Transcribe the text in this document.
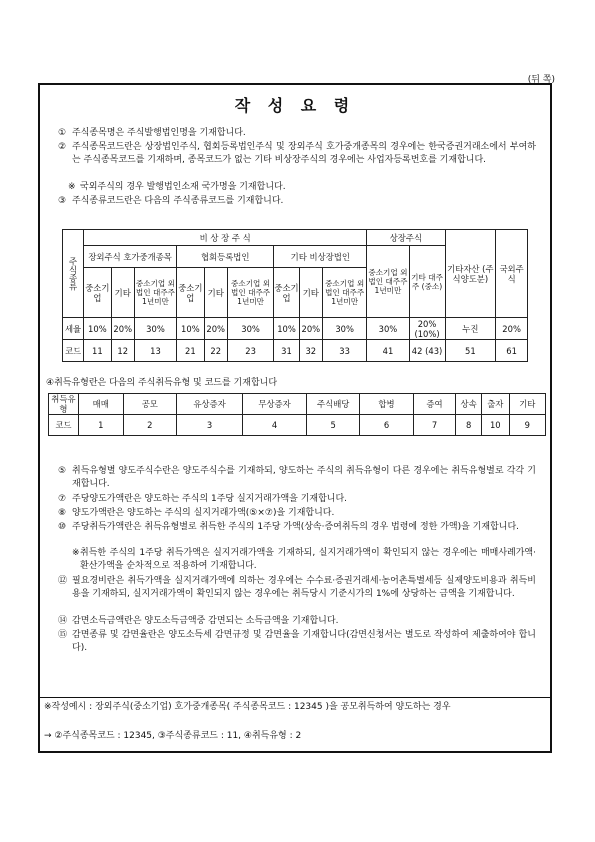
(뒤 쪽)
작 성 요 령
① 주식종목명은 주식발행법인명을 기재합니다.
② 주식종목코드란은 상장법인주식, 협회등록법인주식 및 장외주식 호가중개종목의 경우에는 한국증권거래소에서 부여하는 주식종목코드를 기재하며, 종목코드가 없는 기타 비상장주식의 경우에는 사업자등록번호를 기재합니다.
※ 국외주식의 경우 발행법인소재 국가명을 기재합니다.
③ 주식종류코드란은 다음의 주식종류코드를 기재합니다.
주식종류	비 상 장 주 식									상장주식		기타자산 (주식양도분)	국외주식
	장외주식 호가중개종목			협회등록법인			기타 비상장법인			중소기업 외 법인 대주주 1년미만	기타 대주주 (중소)		
	중소기업	기타	중소기업 외 법인 대주주 1년미만	중소기업	기타	중소기업 외 법인 대주주 1년미만	중소기업	기타	중소기업 외 법인 대주주 1년미만				
세율	10%	20%	30%	10%	20%	30%	10%	20%	30%	30%	20% (10%)	누진	20%
코드	11	12	13	21	22	23	31	32	33	41	42 (43)	51	61
④취득유형란은 다음의 주식취득유형 및 코드를 기재합니다
취득유형	매매	공모	유상증자	무상증자	주식배당	합병	증여	상속	출자	기타
코드	1	2	3	4	5	6	7	8	10	9
⑤ 취득유형별 양도주식수란은 양도주식수를 기재하되, 양도하는 주식의 취득유형이 다른 경우에는 취득유형별로 각각 기재합니다.
⑦ 주당양도가액란은 양도하는 주식의 1주당 실지거래가액을 기재합니다.
⑧ 양도가액란은 양도하는 주식의 실지거래가액(⑤×⑦)을 기재합니다.
⑩ 주당취득가액란은 취득유형별로 취득한 주식의 1주당 가액(상속·증여취득의 경우 법령에 정한 가액)을 기재합니다.
※ 취득한 주식의 1주당 취득가액은 실지거래가액을 기재하되, 실지거래가액이 확인되지 않는 경우에는 매매사례가액·환산가액을 순차적으로 적용하여 기재합니다.
⑫ 필요경비란은 취득가액을 실지거래가액에 의하는 경우에는 수수료·증권거래세·농어촌특별세등 실제양도비용과 취득비용을 기재하되, 실지거래가액이 확인되지 않는 경우에는 취득당시 기준시가의 1%에 상당하는 금액을 기재합니다.
⑭ 감면소득금액란은 양도소득금액중 감면되는 소득금액을 기재합니다.
⑮ 감면종류 및 감면율란은 양도소득세 감면규정 및 감면율을 기재합니다(감면신청서는 별도로 작성하여 제출하여야 합니다).
※작성예시 : 장외주식(중소기업) 호가중개종목( 주식종목코드 : 12345 )을 공모취득하여 양도하는 경우
→ ②주식종목코드 : 12345, ③주식종류코드 : 11, ④취득유형 : 2
